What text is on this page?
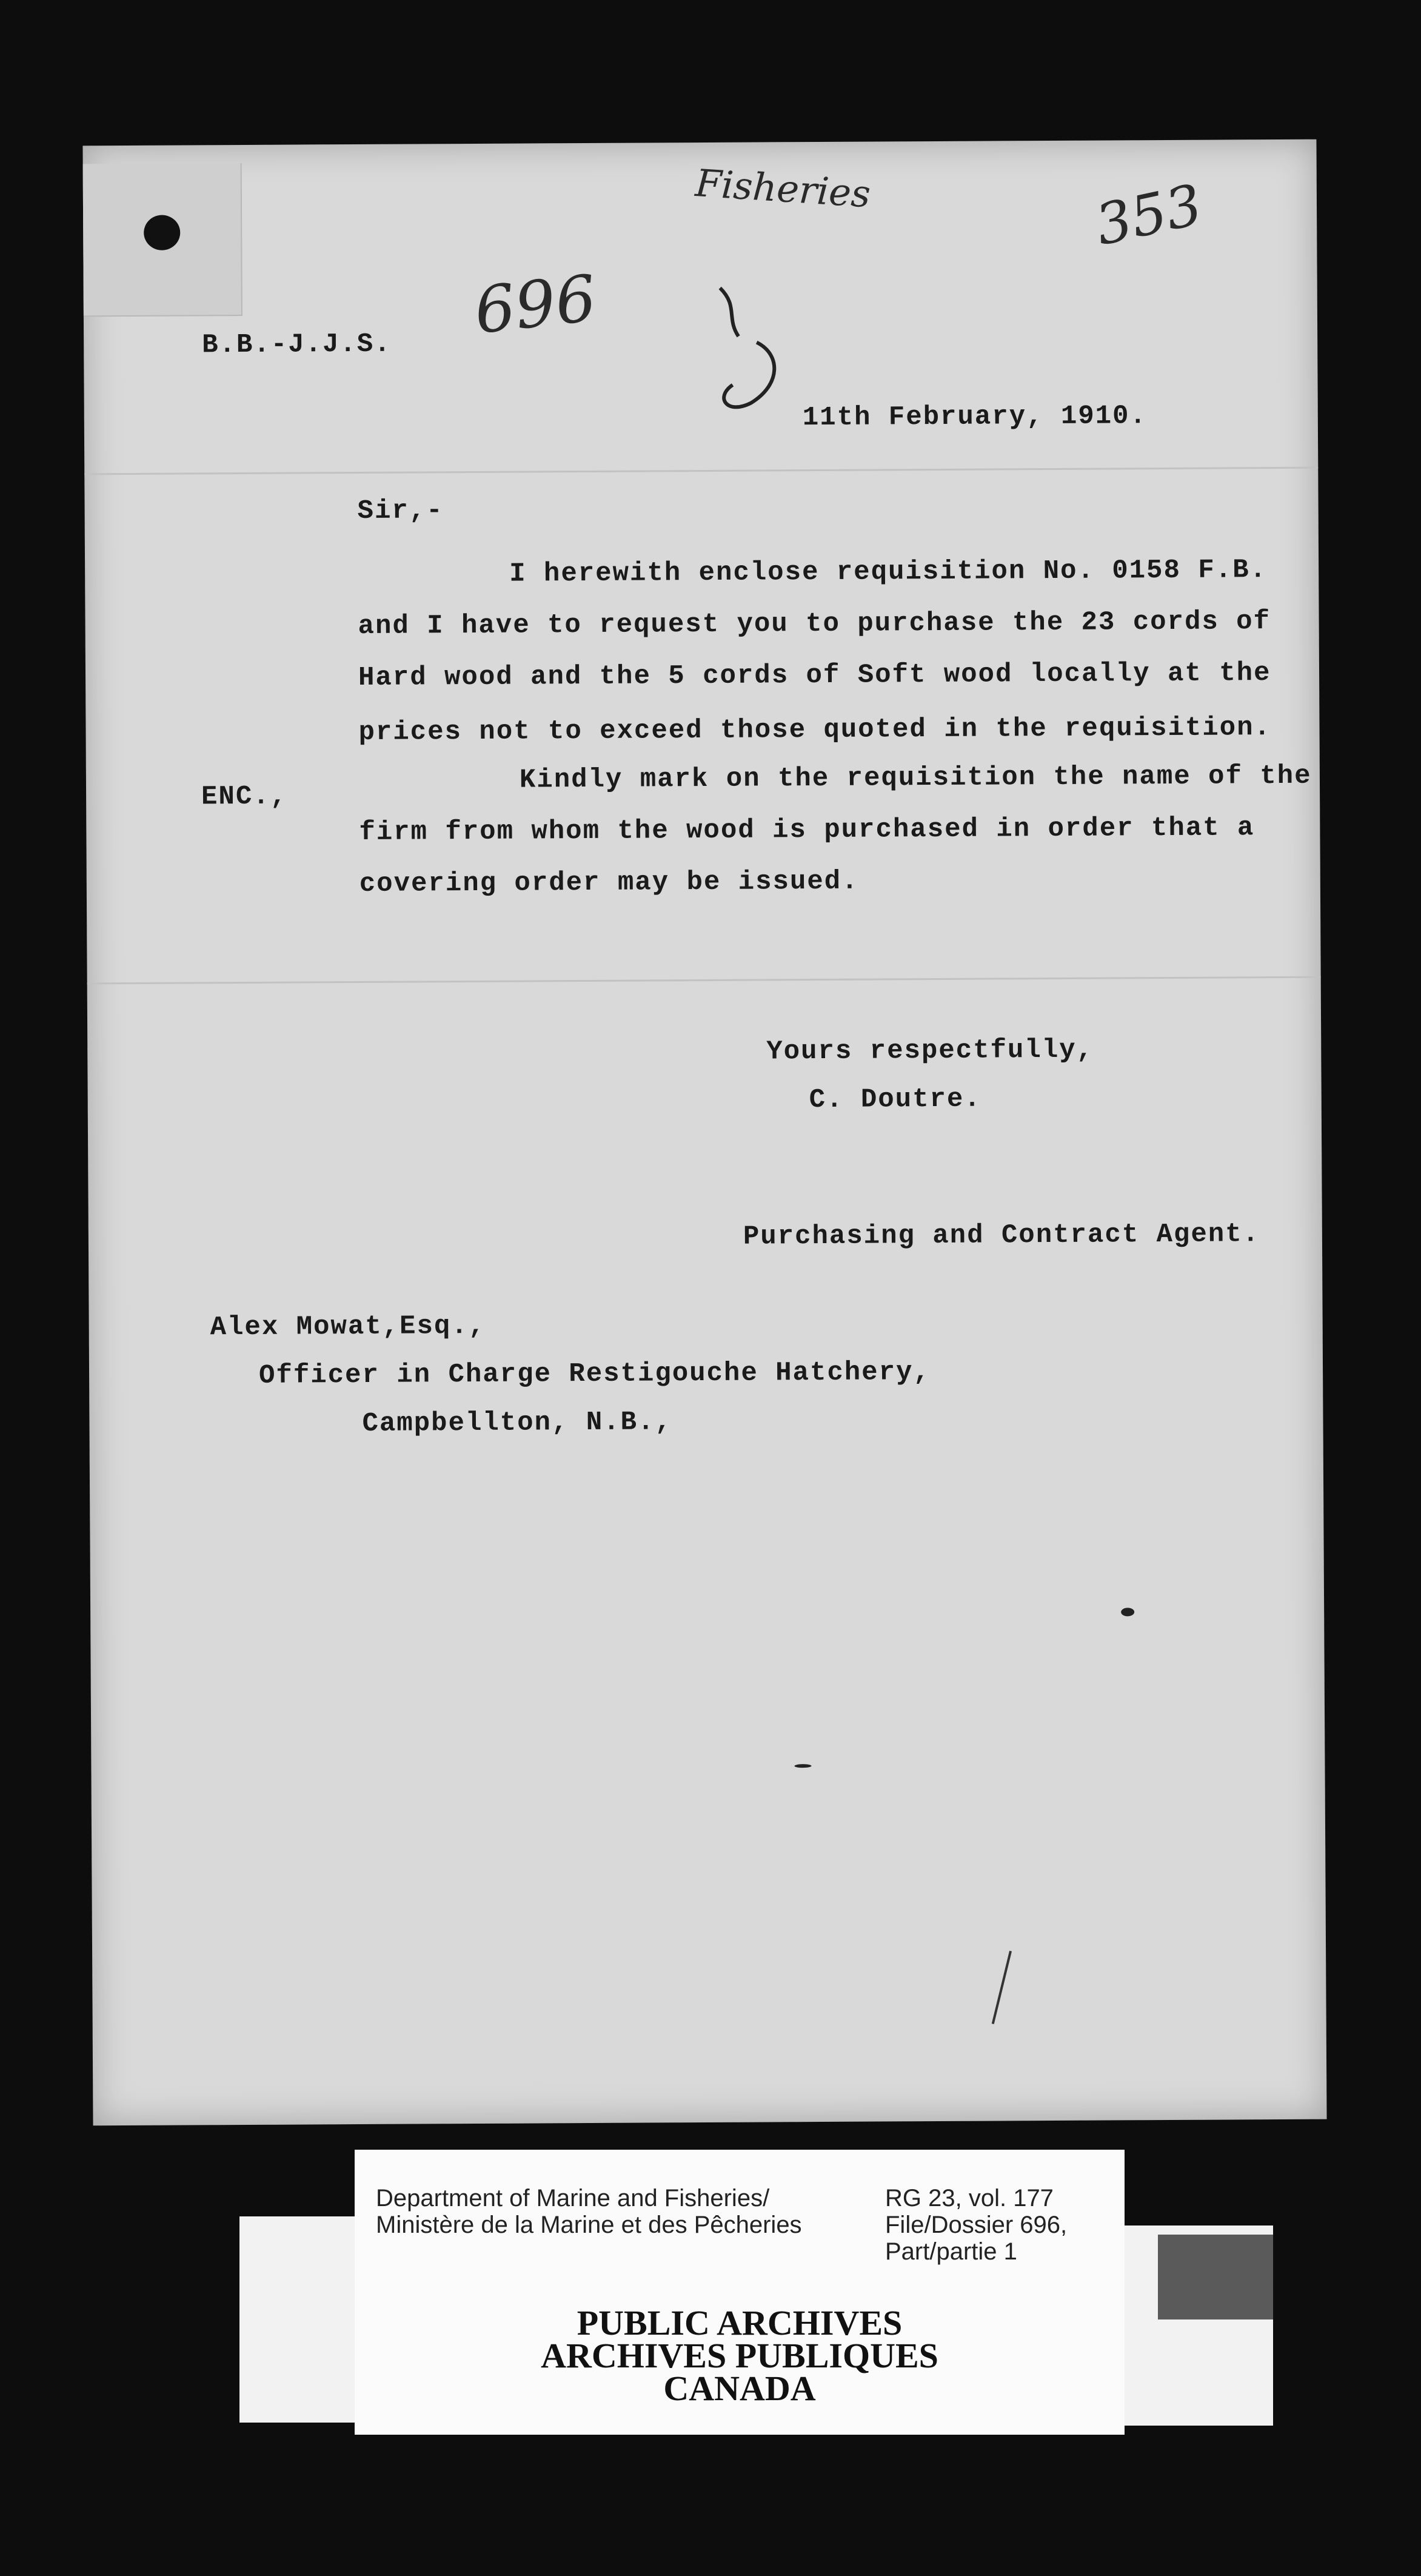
Fisheries
696
353
B.B.-J.J.S.
11th February, 1910.
Sir,-
I herewith enclose requisition No. 0158 F.B.
and I have to request you to purchase the 23 cords of
Hard wood and the 5 cords of Soft wood locally at the
prices not to exceed those quoted in the requisition.
ENC.,
Kindly mark on the requisition the name of the
firm from whom the wood is purchased in order that a
covering order may be issued.
Yours respectfully,
C. Doutre.
Purchasing and Contract Agent.
Alex Mowat,Esq.,
Officer in Charge Restigouche Hatchery,
Campbellton, N.B.,
Department of Marine and Fisheries/
Ministère de la Marine et des Pêcheries
RG 23, vol. 177
File/Dossier 696,
Part/partie 1
PUBLIC ARCHIVES
ARCHIVES PUBLIQUES
CANADA
